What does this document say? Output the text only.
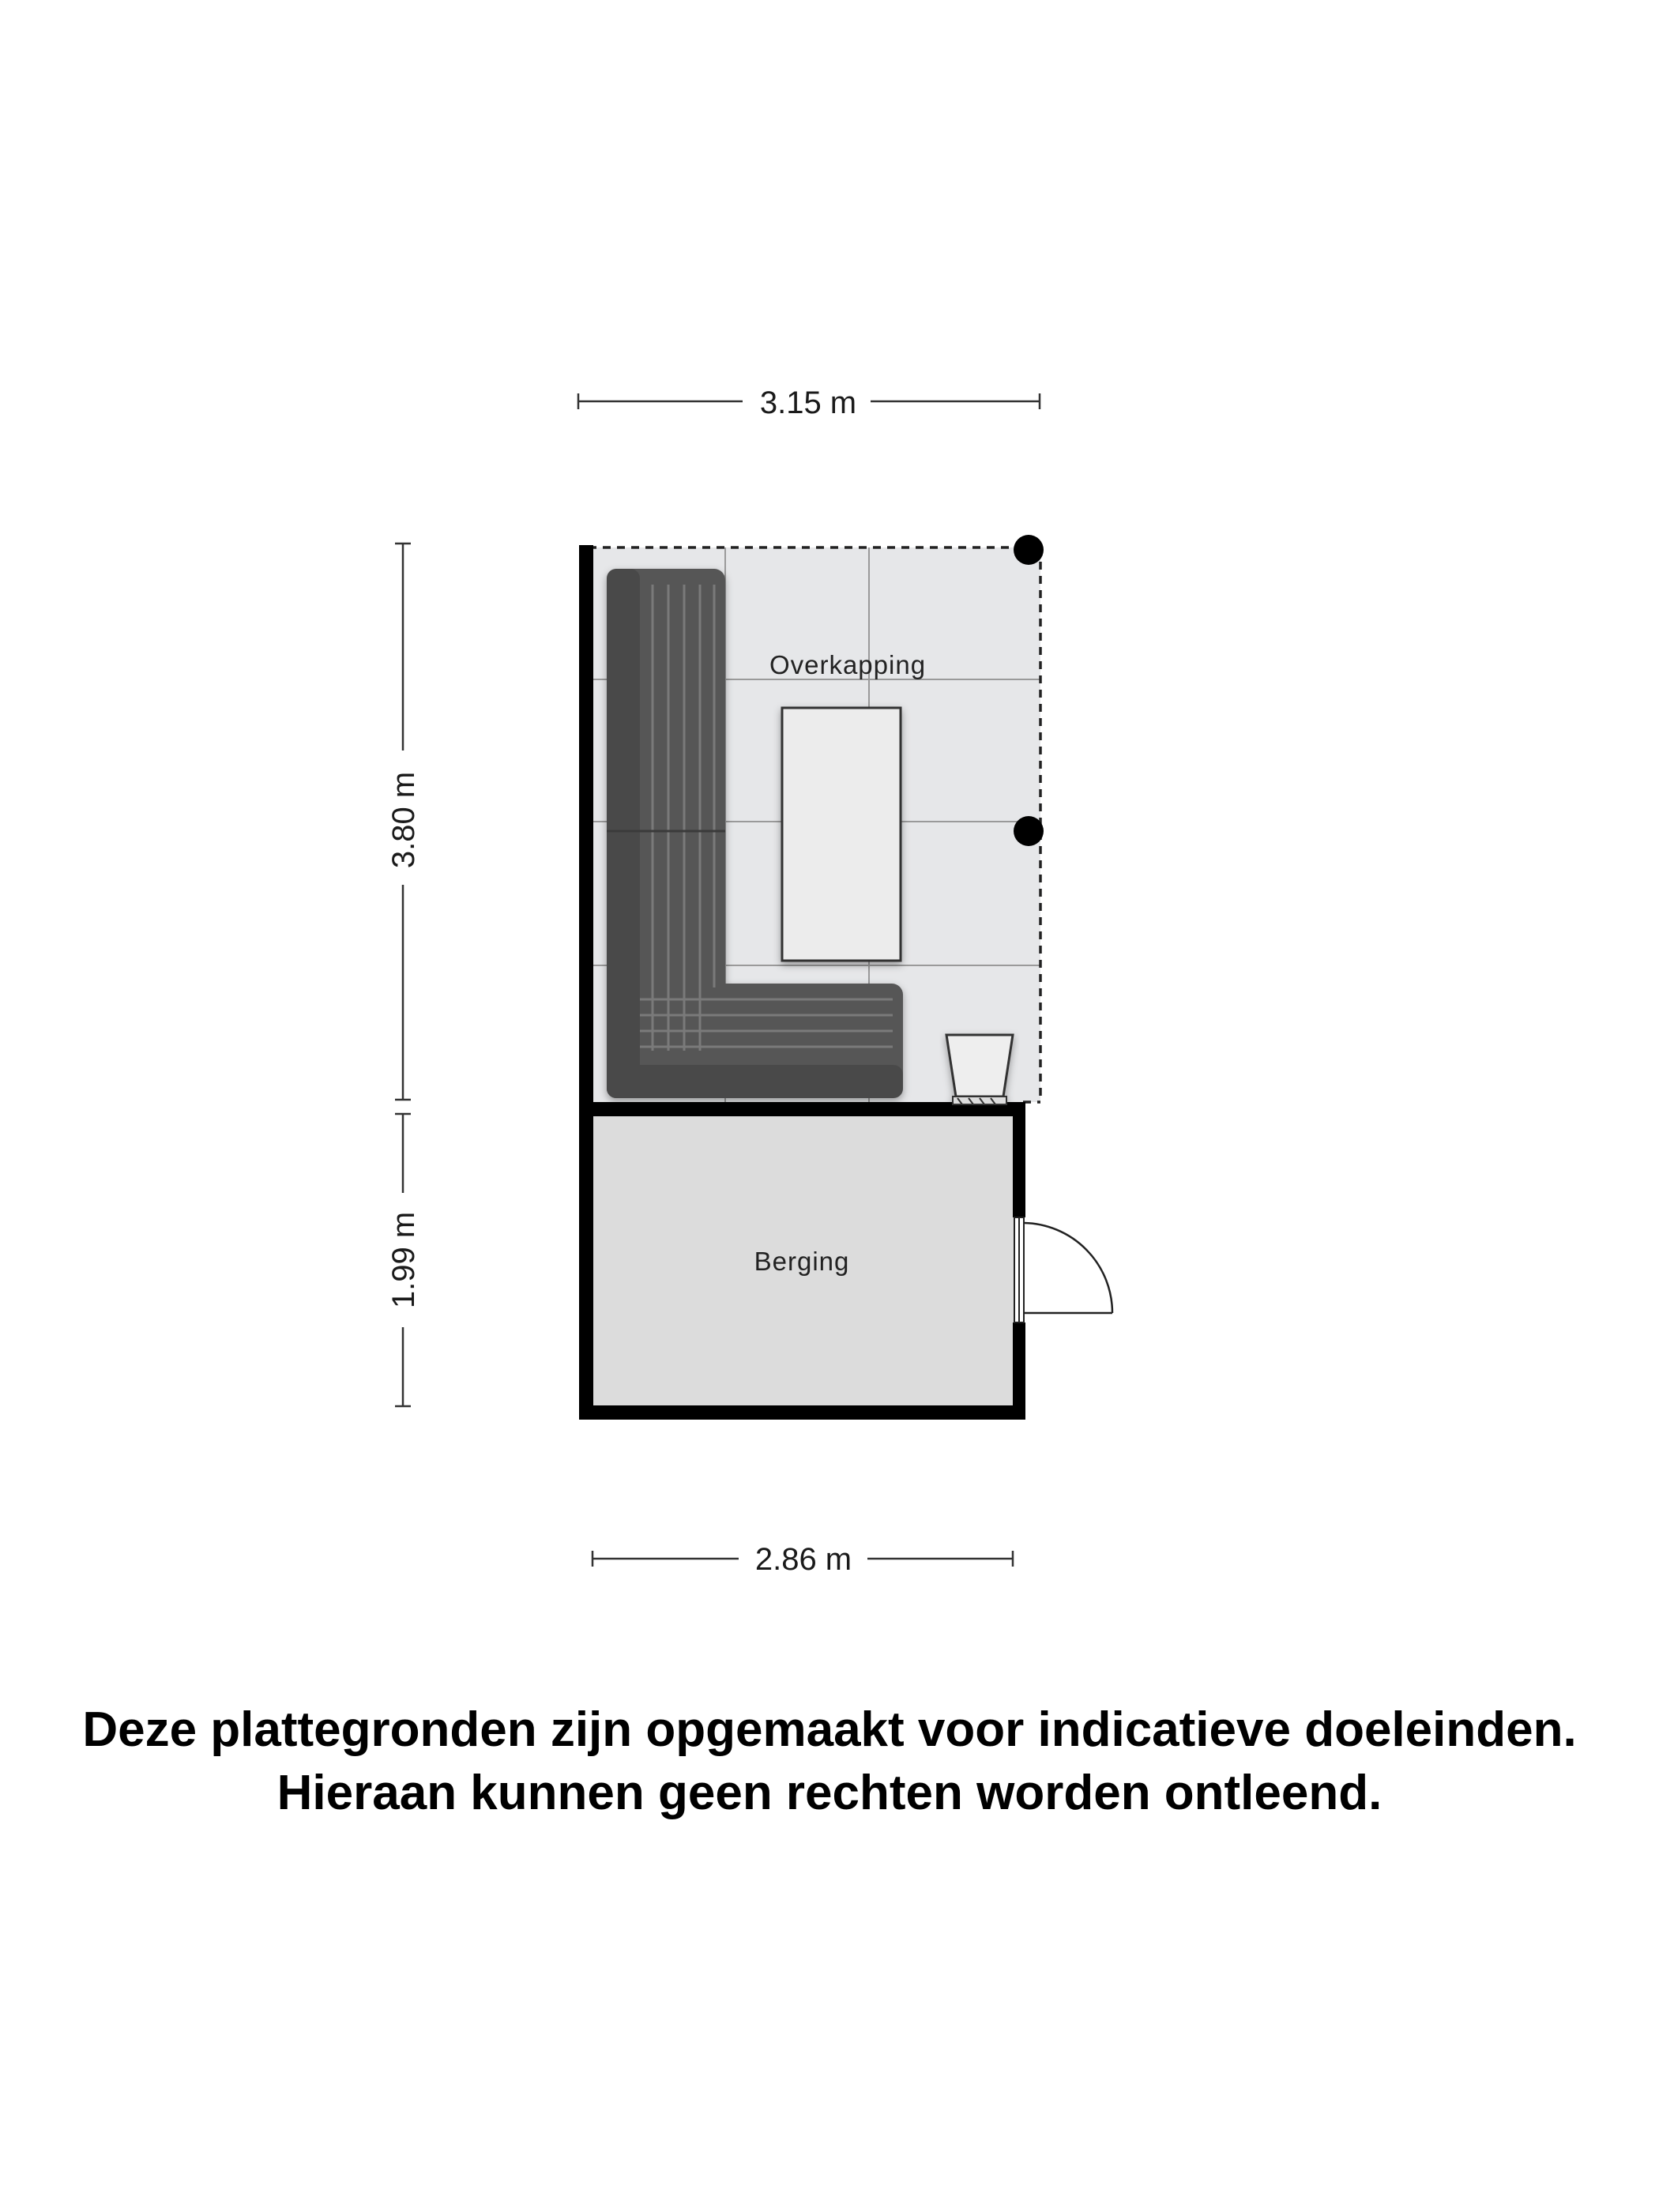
Overkapping
Berging
3.15 m
3.80 m
1.99 m
2.86 m
Deze plattegronden zijn opgemaakt voor indicatieve doeleinden.
Hieraan kunnen geen rechten worden ontleend.
